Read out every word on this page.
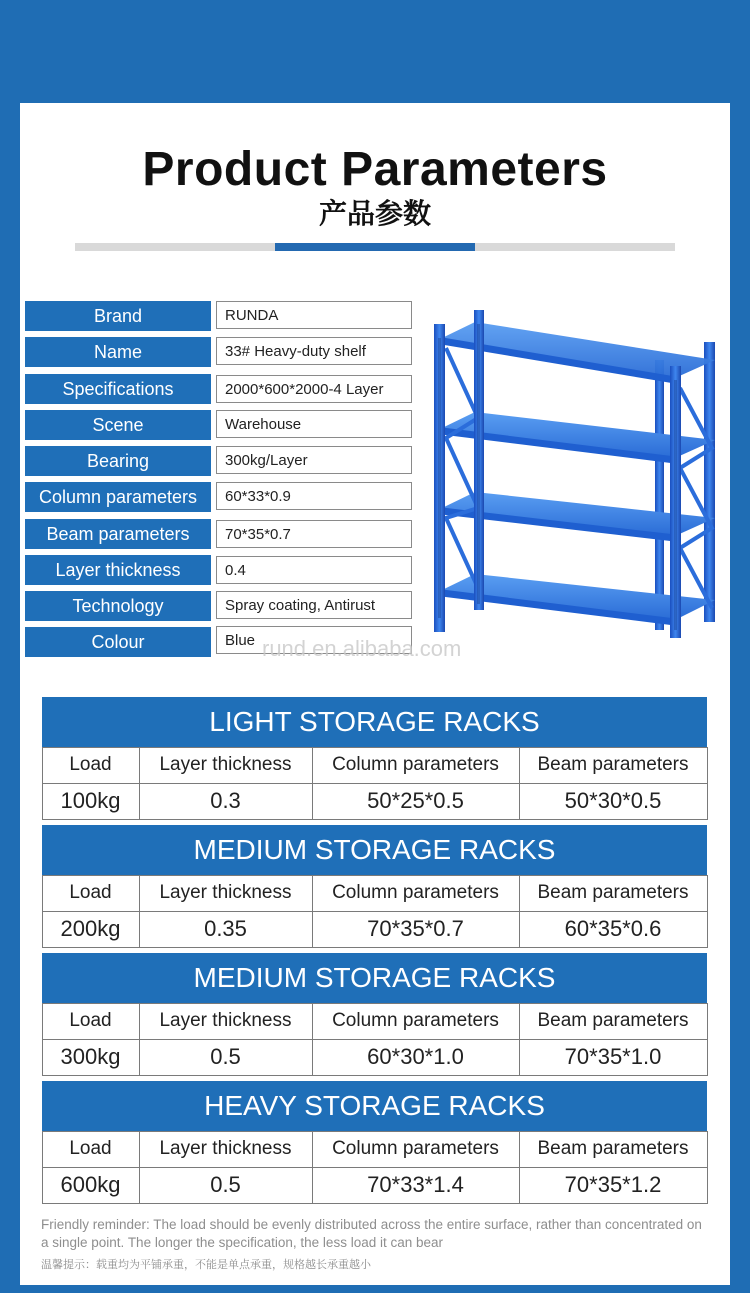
Product Parameters
产品参数
Brand	RUNDA
Name	33# Heavy-duty shelf
Specifications	2000*600*2000-4 Layer
Scene	Warehouse
Bearing	300kg/Layer
Column parameters	60*33*0.9
Beam parameters	70*35*0.7
Layer thickness	0.4
Technology	Spray coating, Antirust
Colour	Blue rund.en.alibaba.com
LIGHT STORAGE RACKS
Load	Layer thickness	Column parameters	Beam parameters
100kg	0.3	50*25*0.5	50*30*0.5
MEDIUM STORAGE RACKS
Load	Layer thickness	Column parameters	Beam parameters
200kg	0.35	70*35*0.7	60*35*0.6
MEDIUM STORAGE RACKS
Load	Layer thickness	Column parameters	Beam parameters
300kg	0.5	60*30*1.0	70*35*1.0
HEAVY STORAGE RACKS
Load	Layer thickness	Column parameters	Beam parameters
600kg	0.5	70*33*1.4	70*35*1.2
Friendly reminder: The load should be evenly distributed across the entire surface, rather than concentrated on a single point. The longer the specification, the less load it can bear
温馨提示：载重均为平铺承重，不能是单点承重，规格越长承重越小
